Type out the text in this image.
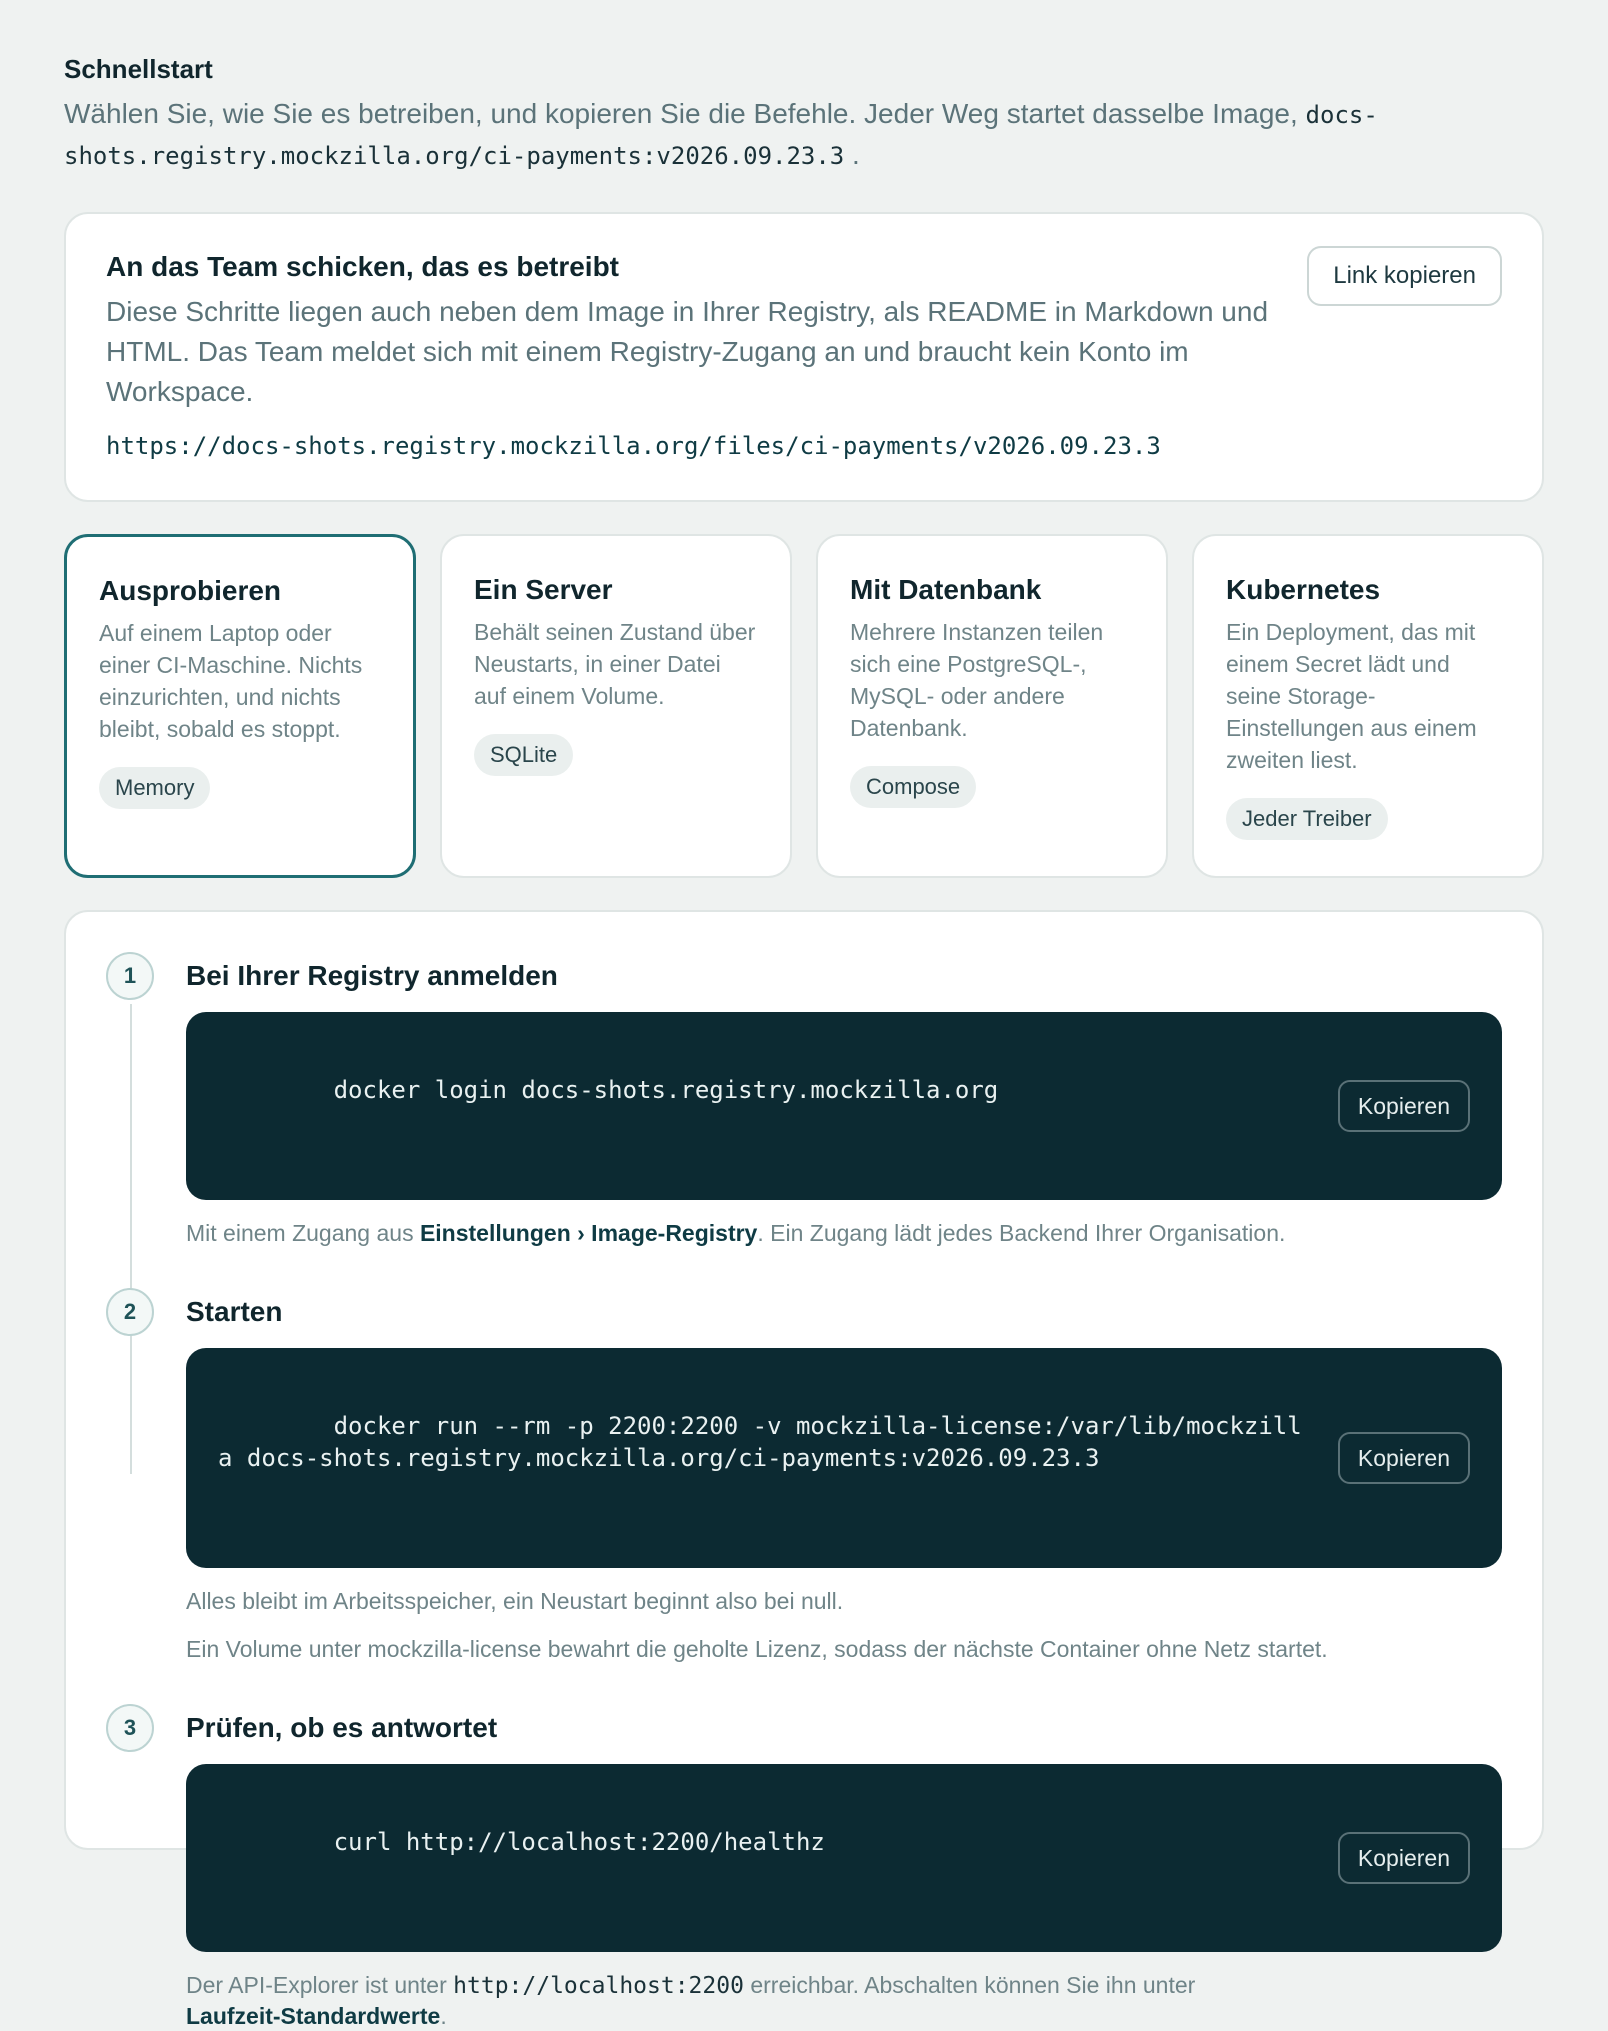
Schnellstart
Wählen Sie, wie Sie es betreiben, und kopieren Sie die Befehle. Jeder Weg startet dasselbe Image, docs-shots.registry.mockzilla.org/ci-payments:v2026.09.23.3 .
An das Team schicken, das es betreibt

Diese Schritte liegen auch neben dem Image in Ihrer Registry, als README in Markdown und HTML. Das Team meldet sich mit einem Registry-Zugang an und braucht kein Konto im Workspace.

https://docs-shots.registry.mockzilla.org/files/ci-payments/v2026.09.23.3
Link kopieren
Ausprobieren

Auf einem Laptop oder einer CI-Maschine. Nichts einzurichten, und nichts bleibt, sobald es stoppt.

Memory
Ein Server

Behält seinen Zustand über Neustarts, in einer Datei auf einem Volume.

SQLite
Mit Datenbank

Mehrere Instanzen teilen sich eine PostgreSQL-, MySQL- oder andere Datenbank.

Compose
Kubernetes

Ein Deployment, das mit einem Secret lädt und seine Storage-Einstellungen aus einem zweiten liest.

Jeder Treiber
1	Bei Ihrer Registry anmelden

docker login docs-shots.registry.mockzilla.org

Kopieren

Mit einem Zugang aus Einstellungen › Image-Registry. Ein Zugang lädt jedes Backend Ihrer Organisation.
2	Starten

docker run --rm -p 2200:2200 -v mockzilla-license:/var/lib/mockzilla docs-shots.registry.mockzilla.org/ci-payments:v2026.09.23.3
	Kopieren

Alles bleibt im Arbeitsspeicher, ein Neustart beginnt also bei null.
Ein Volume unter mockzilla-license bewahrt die geholte Lizenz, sodass der nächste Container ohne Netz startet.
3	Prüfen, ob es antwortet

curl http://localhost:2200/healthz

Kopieren

Der API-Explorer ist unter http://localhost:2200 erreichbar. Abschalten können Sie ihn unter
Laufzeit-Standardwerte.
